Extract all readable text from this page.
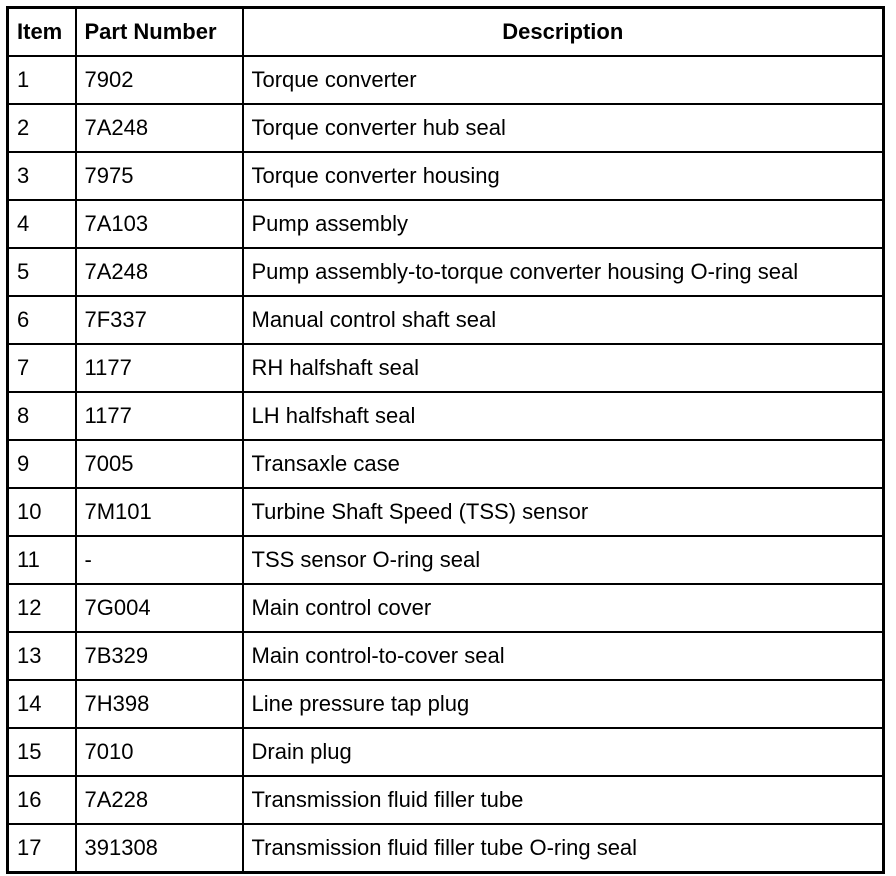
Item	Part Number	Description
1	7902	Torque converter
2	7A248	Torque converter hub seal
3	7975	Torque converter housing
4	7A103	Pump assembly
5	7A248	Pump assembly-to-torque converter housing O-ring seal
6	7F337	Manual control shaft seal
7	1177	RH halfshaft seal
8	1177	LH halfshaft seal
9	7005	Transaxle case
10	7M101	Turbine Shaft Speed (TSS) sensor
11	-	TSS sensor O-ring seal
12	7G004	Main control cover
13	7B329	Main control-to-cover seal
14	7H398	Line pressure tap plug
15	7010	Drain plug
16	7A228	Transmission fluid filler tube
17	391308	Transmission fluid filler tube O-ring seal
